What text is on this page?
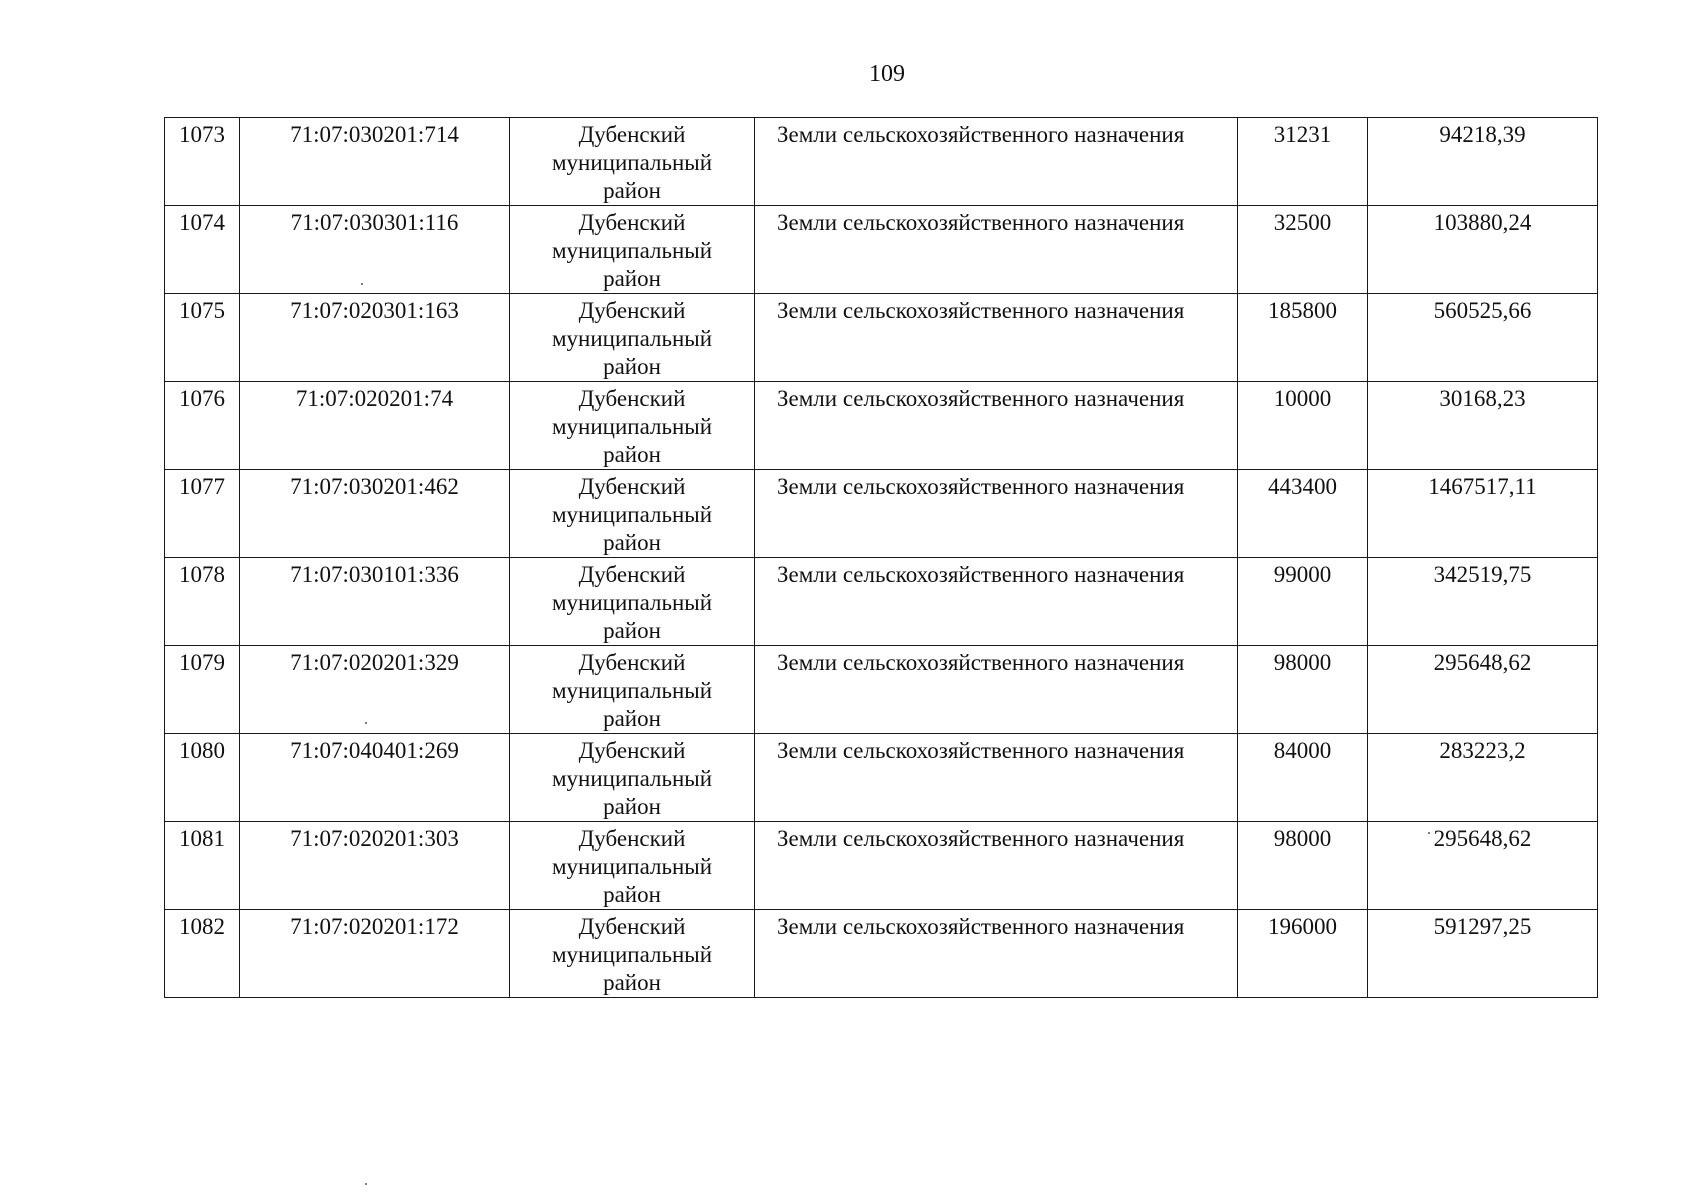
109
1073	71:07:030201:714	Дубенский
муниципальный
район	Земли сельскохозяйственного назначения	31231	94218,39
1074	71:07:030301:116	Дубенский
муниципальный
район	Земли сельскохозяйственного назначения	32500	103880,24
1075	71:07:020301:163	Дубенский
муниципальный
район	Земли сельскохозяйственного назначения	185800	560525,66
1076	71:07:020201:74	Дубенский
муниципальный
район	Земли сельскохозяйственного назначения	10000	30168,23
1077	71:07:030201:462	Дубенский
муниципальный
район	Земли сельскохозяйственного назначения	443400	1467517,11
1078	71:07:030101:336	Дубенский
муниципальный
район	Земли сельскохозяйственного назначения	99000	342519,75
1079	71:07:020201:329	Дубенский
муниципальный
район	Земли сельскохозяйственного назначения	98000	295648,62
1080	71:07:040401:269	Дубенский
муниципальный
район	Земли сельскохозяйственного назначения	84000	283223,2
1081	71:07:020201:303	Дубенский
муниципальный
район	Земли сельскохозяйственного назначения	98000	295648,62
1082	71:07:020201:172	Дубенский
муниципальный
район	Земли сельскохозяйственного назначения	196000	591297,25
